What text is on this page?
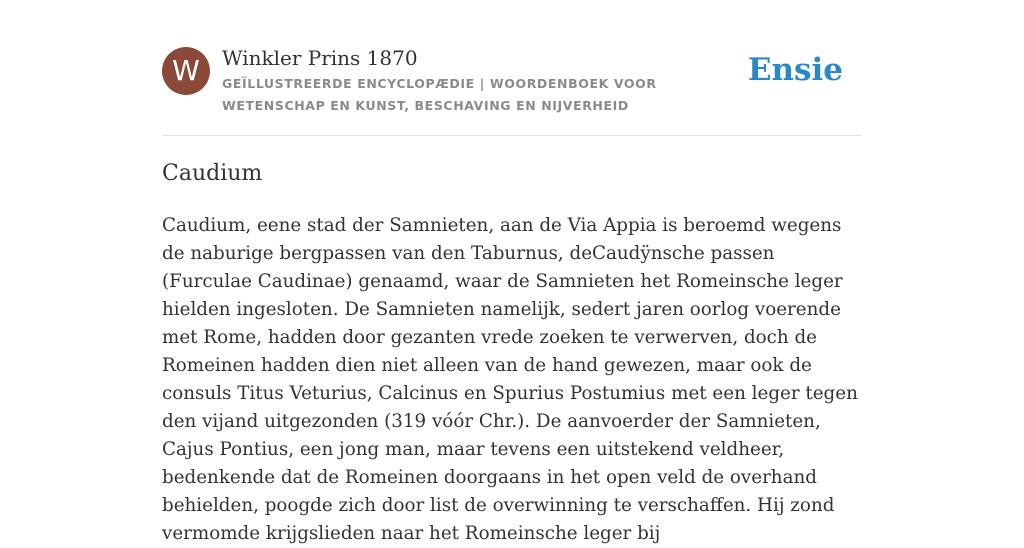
W	Winkler Prins 1870
GEÏLLUSTREERDE ENCYCLOPÆDIE | WOORDENBOEK VOOR WETENSCHAP EN KUNST, BESCHAVING EN NIJVERHEID
Ensie
Caudium

Caudium, eene stad der Samnieten, aan de Via Appia is beroemd wegens de naburige bergpassen van den Taburnus, deCaudÿnsche passen (Furculae Caudinae) genaamd, waar de Samnieten het Romeinsche leger hielden ingesloten. De Samnieten namelijk, sedert jaren oorlog voerende met Rome, hadden door gezanten vrede zoeken te verwerven, doch de Romeinen hadden dien niet alleen van de hand gewezen, maar ook de consuls Titus Veturius, Calcinus en Spurius Postumius met een leger tegen den vijand uitgezonden (319 vóór Chr.). De aanvoerder der Samnieten, Cajus Pontius, een jong man, maar tevens een uitstekend veldheer, bedenkende dat de Romeinen doorgaans in het open veld de overhand behielden, poogde zich door list de overwinning te verschaffen. Hij zond vermomde krijgslieden naar het Romeinsche leger bij
